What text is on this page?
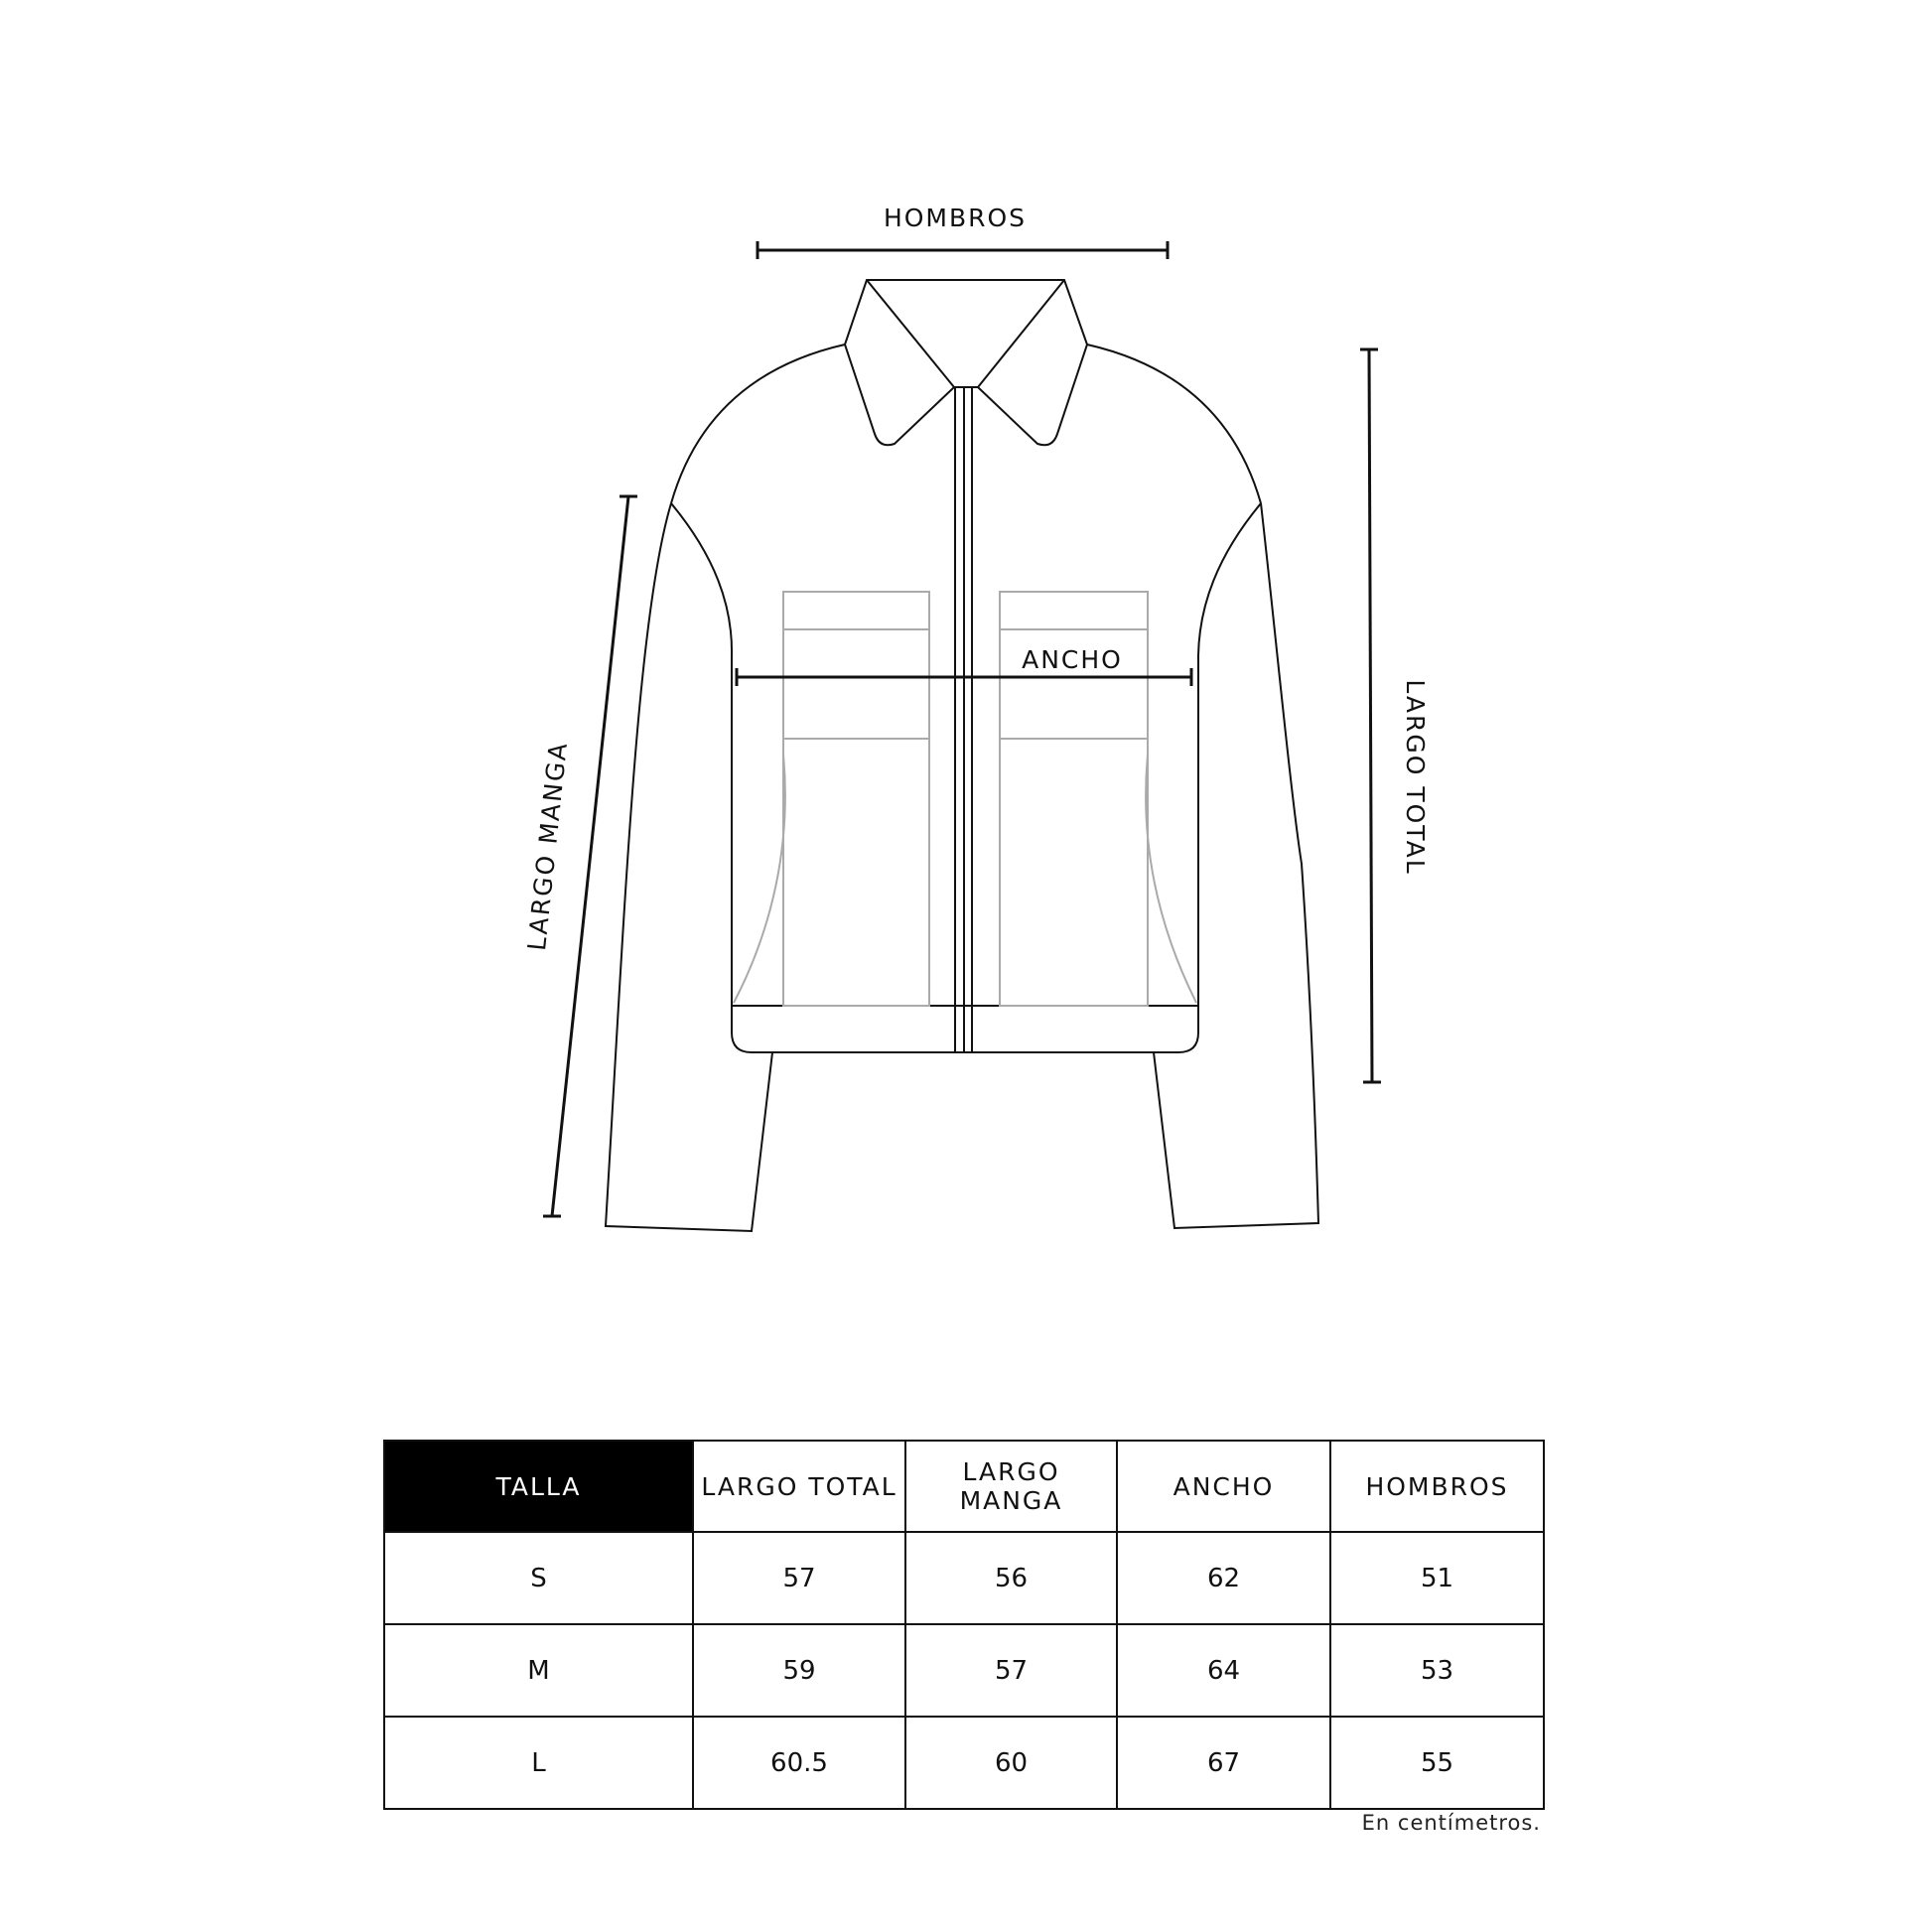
HOMBROS
ANCHO
LARGO TOTAL
LARGO MANGA
TALLA	LARGO TOTAL	LARGO MANGA	ANCHO	HOMBROS
S	57	56	62	51
M	59	57	64	53
L	60.5	60	67	55
En centímetros.
